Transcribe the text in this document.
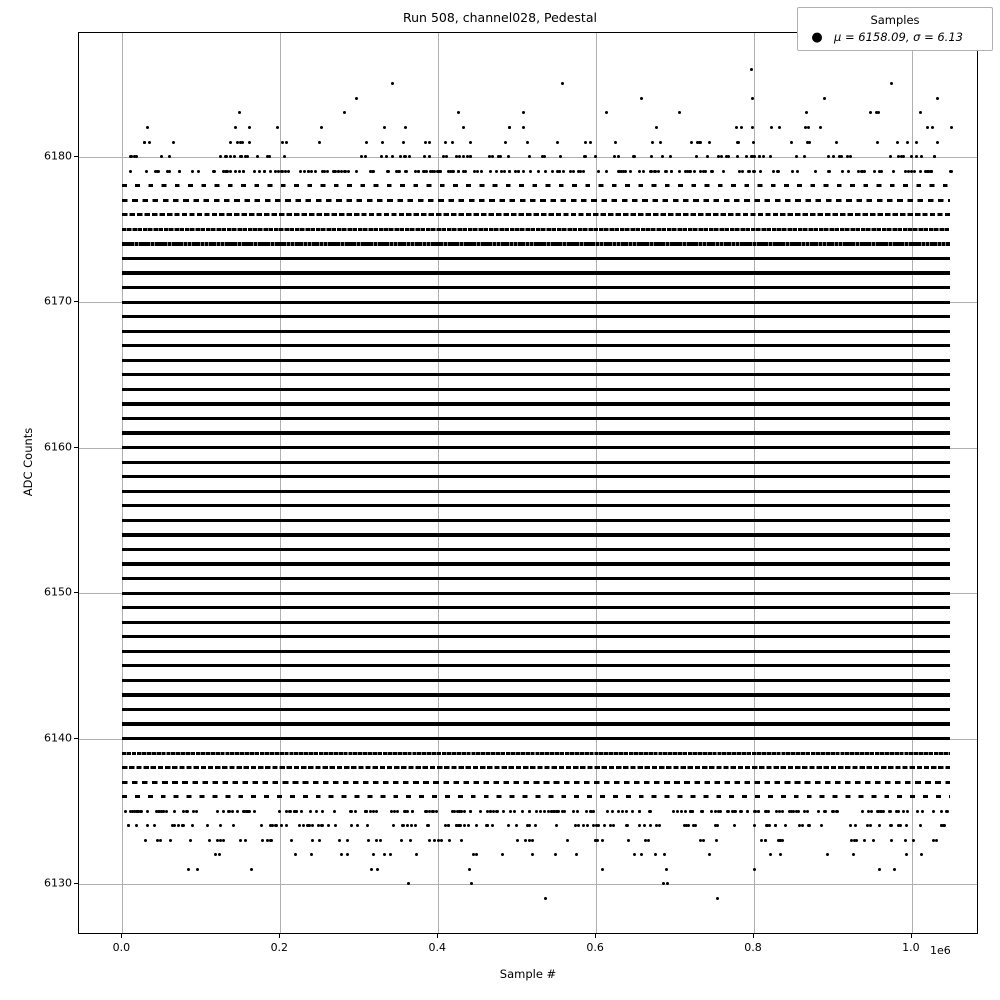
Run 508, channel028, Pedestal
ADC Counts
Sample #
1e6
Samples
● μ = 6158.09, σ = 6.13
0.0	0.2	0.4	0.6	0.8	1.0
6130
6140
6150
6160
6170
6180
